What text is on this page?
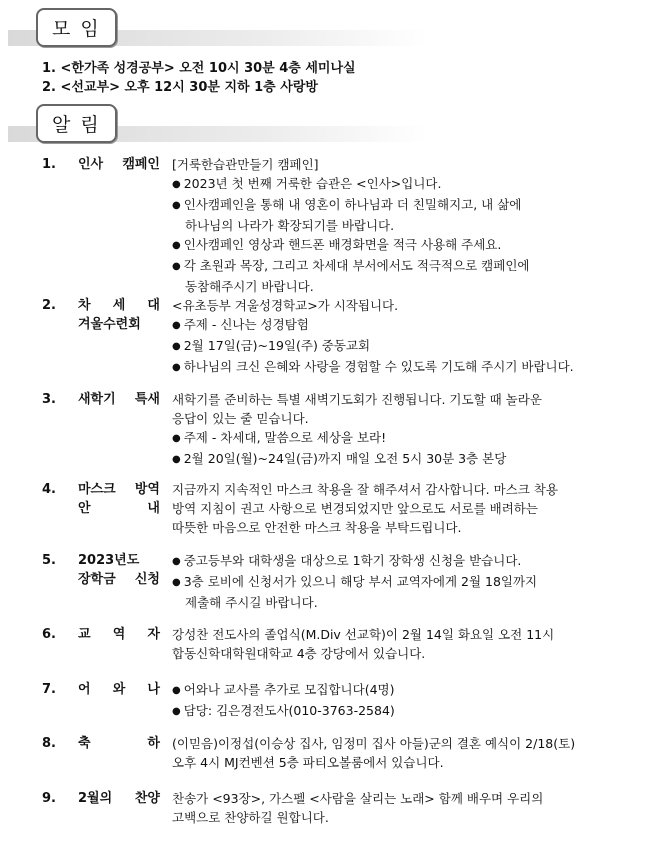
모 임
1. <한가족 성경공부> 오전 10시 30분 4층 세미나실
2. <선교부> 오후 12시 30분 지하 1층 사랑방
알 림
1. 인사 캠페인 [거룩한습관만들기 캠페인]
● 2023년 첫 번째 거룩한 습관은 <인사>입니다.
● 인사캠페인을 통해 내 영혼이 하나님과 더 친밀해지고, 내 삶에
하나님의 나라가 확장되기를 바랍니다.
● 인사캠페인 영상과 핸드폰 배경화면을 적극 사용해 주세요.
● 각 초원과 목장, 그리고 차세대 부서에서도 적극적으로 캠페인에
동참해주시기 바랍니다.
2. 차 세 대
겨울수련회
<유초등부 겨울성경학교>가 시작됩니다.
● 주제 - 신나는 성경탐험
● 2월 17일(금)~19일(주) 중동교회
● 하나님의 크신 은혜와 사랑을 경험할 수 있도록 기도해 주시기 바랍니다.
3. 새학기 특새 새학기를 준비하는 특별 새벽기도회가 진행됩니다. 기도할 때 놀라운
응답이 있는 줄 믿습니다.
● 주제 - 차세대, 말씀으로 세상을 보라!
● 2월 20일(월)~24일(금)까지 매일 오전 5시 30분 3층 본당
4. 마스크 방역
안 내
지금까지 지속적인 마스크 착용을 잘 해주셔서 감사합니다. 마스크 착용
방역 지침이 권고 사항으로 변경되었지만 앞으로도 서로를 배려하는
따뜻한 마음으로 안전한 마스크 착용을 부탁드립니다.
5. 2023년도
장학금 신청
● 중고등부와 대학생을 대상으로 1학기 장학생 신청을 받습니다.
● 3층 로비에 신청서가 있으니 해당 부서 교역자에게 2월 18일까지
제출해 주시길 바랍니다.
6. 교 역 자 강성찬 전도사의 졸업식(M.Div 선교학)이 2월 14일 화요일 오전 11시
합동신학대학원대학교 4층 강당에서 있습니다.
7. 어 와 나
●	어와나 교사를 추가로 모집합니다(4명)
● 담당: 김은경전도사(010-3763-2584)
8. 축 하 (이믿음)이정섭(이승상 집사, 임정미 집사 아들)군의 결혼 예식이 2/18(토)
오후 4시 MJ컨벤션 5층 파티오볼룸에서 있습니다.
9. 2월의 찬양 찬송가 <93장>, 가스펠 <사람을 살리는 노래> 함께 배우며 우리의
고백으로 찬양하길 원합니다.
